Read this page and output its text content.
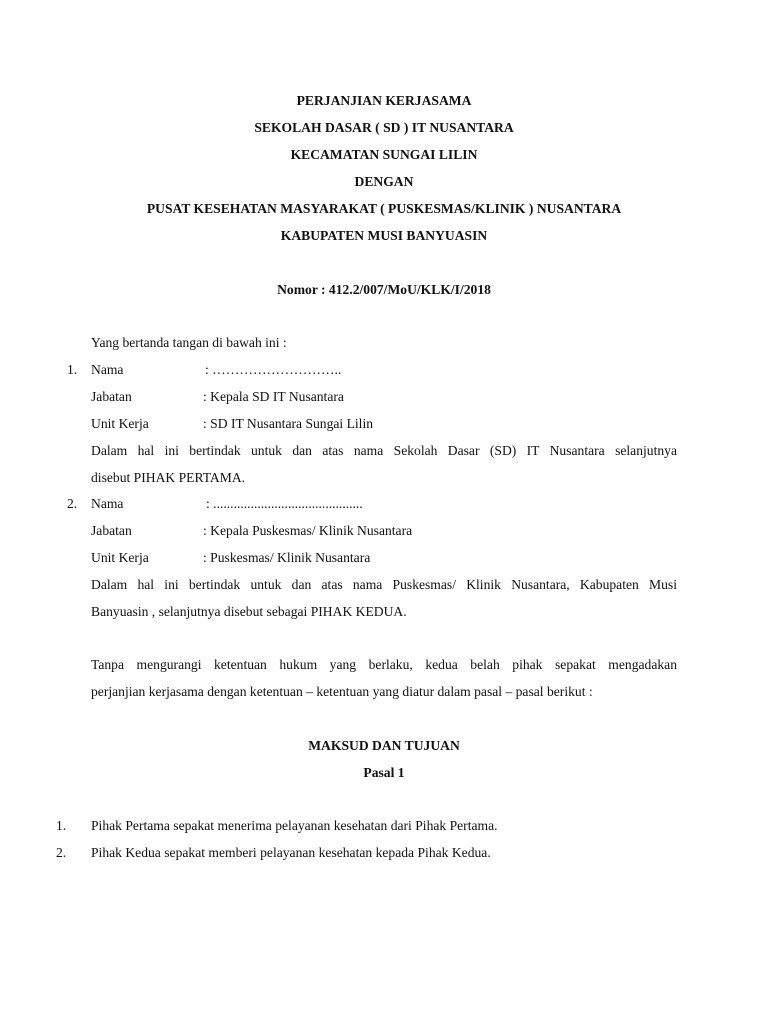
PERJANJIAN KERJASAMA
SEKOLAH DASAR ( SD ) IT NUSANTARA
KECAMATAN SUNGAI LILIN
DENGAN
PUSAT KESEHATAN MASYARAKAT ( PUSKESMAS/KLINIK ) NUSANTARA
KABUPATEN MUSI BANYUASIN
Nomor : 412.2/007/MoU/KLK/I/2018
Yang bertanda tangan di bawah ini :
1. Nama	: ………………………..
Jabatan	: Kepala SD IT Nusantara
Unit Kerja	: SD IT Nusantara Sungai Lilin
Dalam hal ini bertindak untuk dan atas nama Sekolah Dasar (SD) IT Nusantara selanjutnya
disebut PIHAK PERTAMA.
2. Nama	: ............................................
Jabatan	: Kepala Puskesmas/ Klinik Nusantara
Unit Kerja	: Puskesmas/ Klinik Nusantara
Dalam hal ini bertindak untuk dan atas nama Puskesmas/ Klinik Nusantara, Kabupaten Musi
Banyuasin , selanjutnya disebut sebagai PIHAK KEDUA.
Tanpa mengurangi ketentuan hukum yang berlaku, kedua belah pihak sepakat mengadakan
perjanjian kerjasama dengan ketentuan – ketentuan yang diatur dalam pasal – pasal berikut :
MAKSUD DAN TUJUAN
Pasal 1
1. Pihak Pertama sepakat menerima pelayanan kesehatan dari Pihak Pertama.
2. Pihak Kedua sepakat memberi pelayanan kesehatan kepada Pihak Kedua.
